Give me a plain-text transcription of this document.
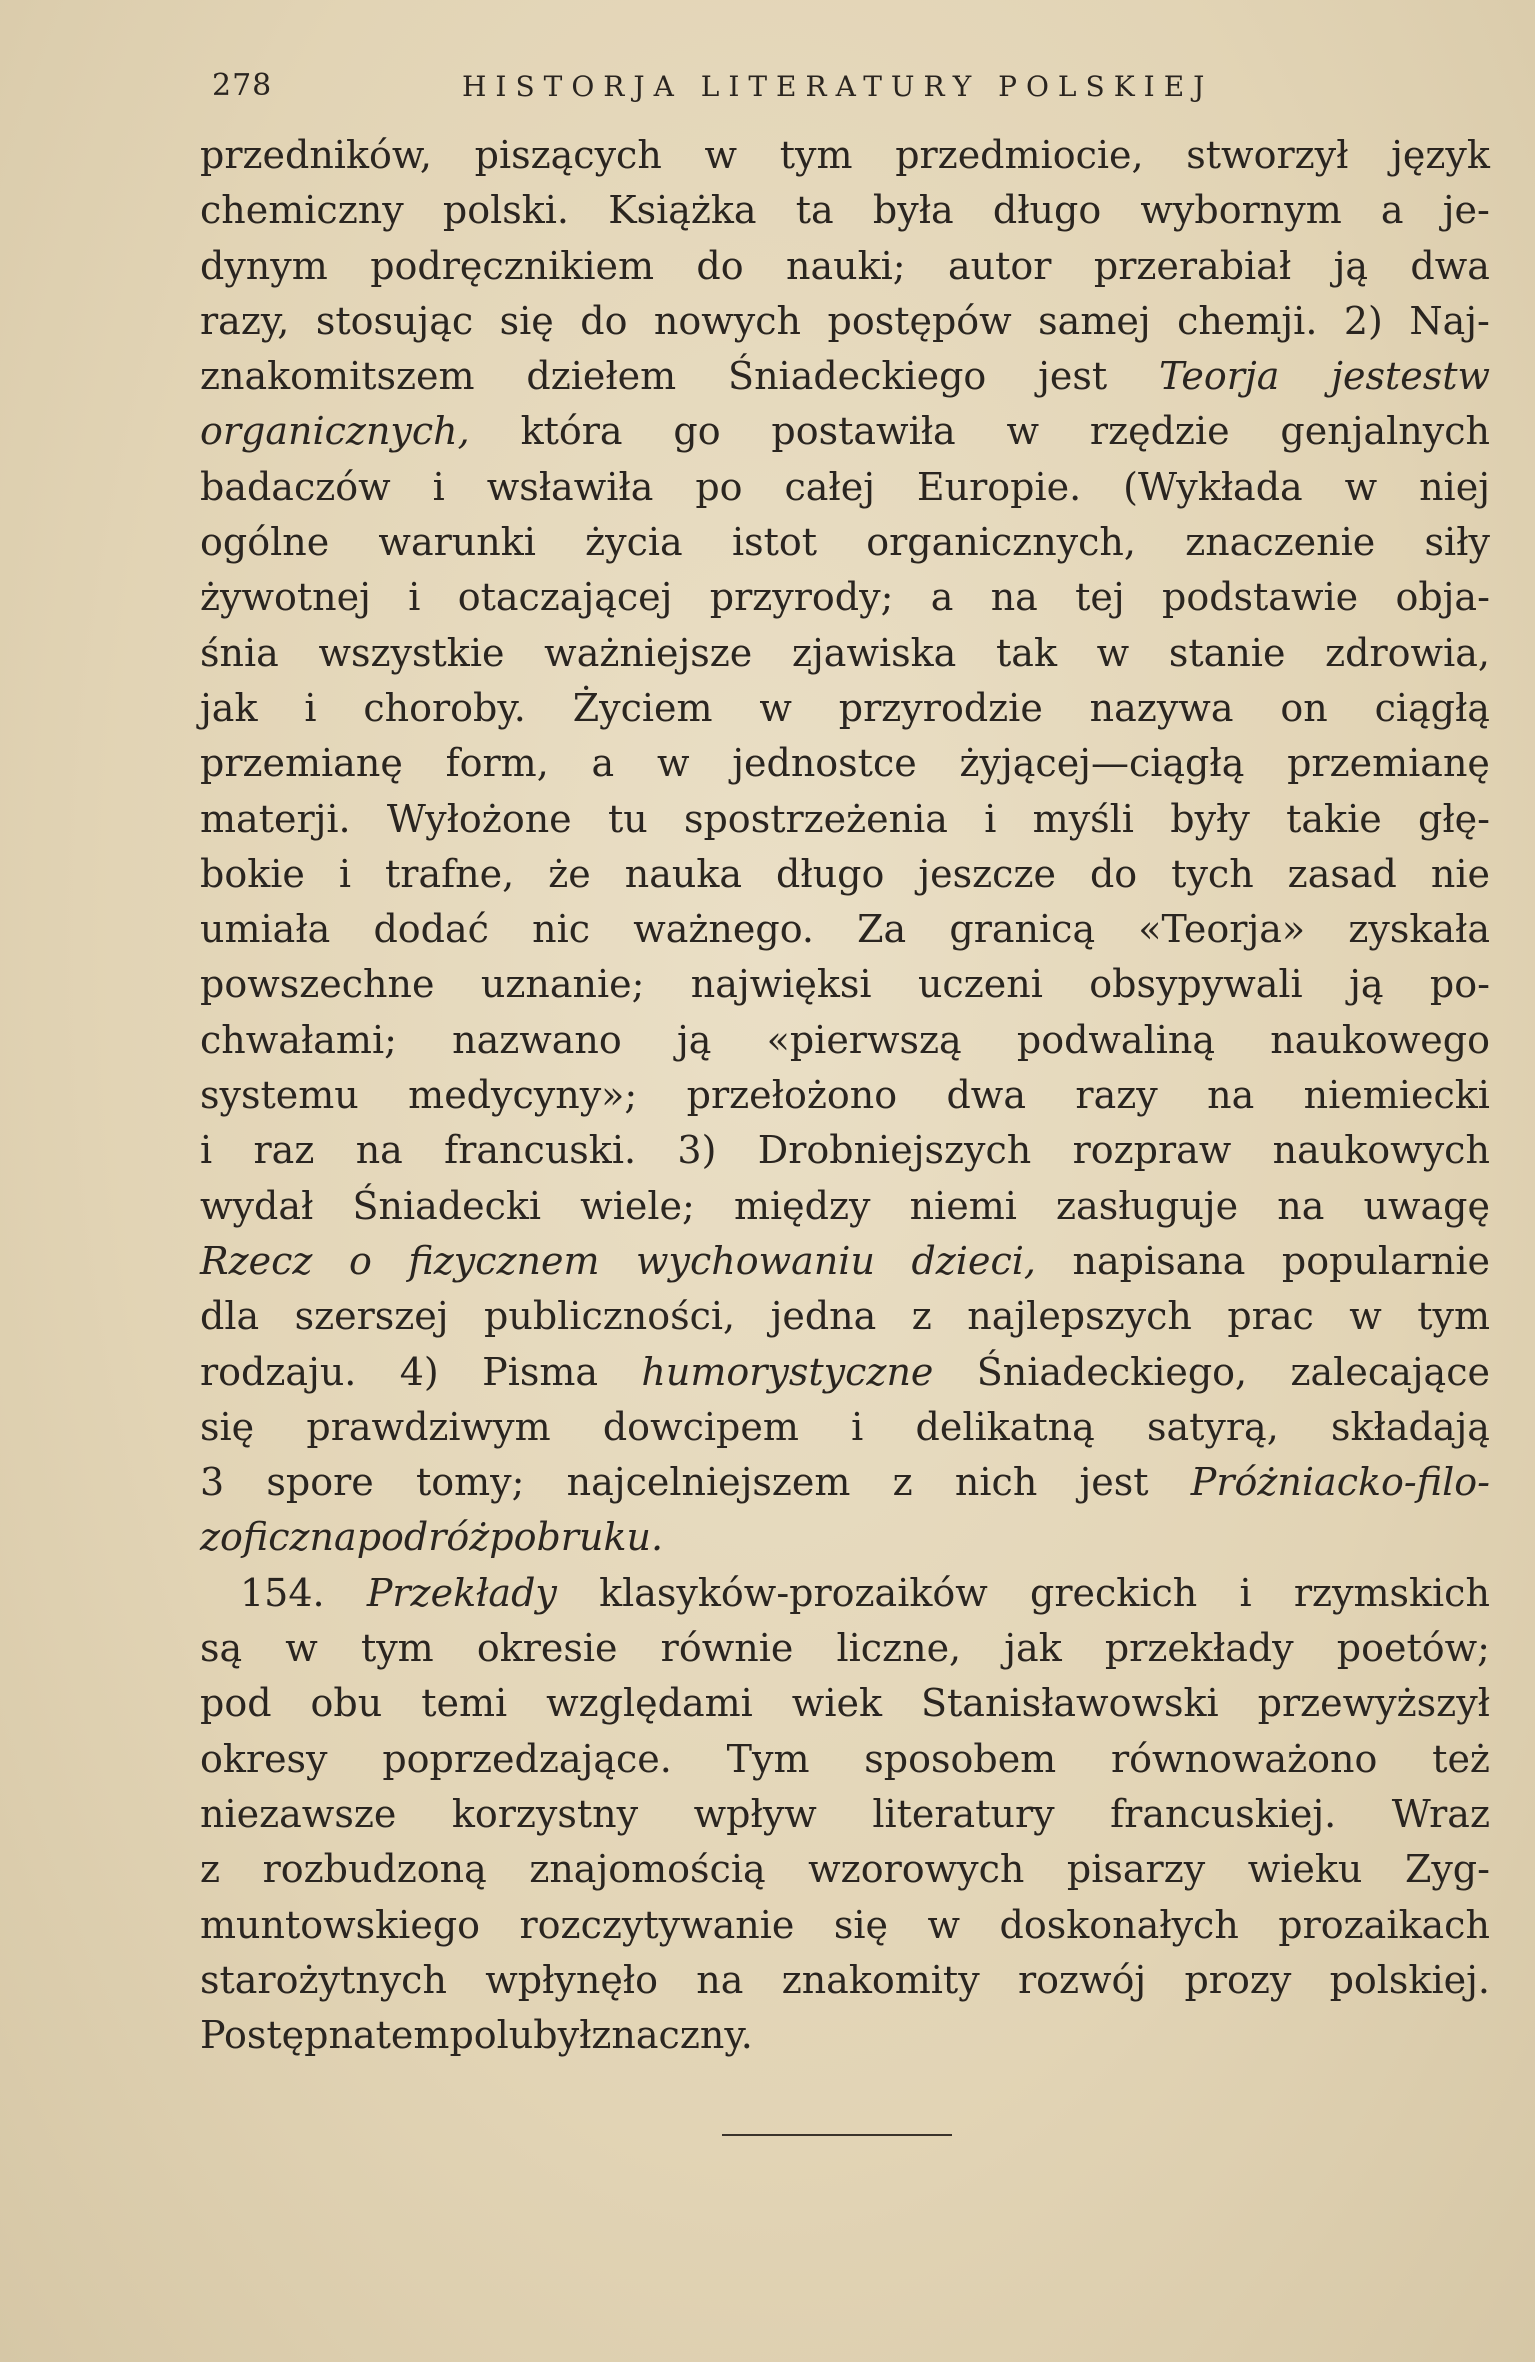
278	HISTORJA LITERATURY POLSKIEJ
przedników, piszących w tym przedmiocie, stworzył język
chemiczny polski. Książka ta była długo wybornym a je-
dynym podręcznikiem do nauki; autor przerabiał ją dwa
razy, stosując się do nowych postępów samej chemji. 2) Naj-
znakomitszem dziełem Śniadeckiego jest Teorja jestestw
organicznych, która go postawiła w rzędzie genjalnych
badaczów i wsławiła po całej Europie. (Wykłada w niej
ogólne warunki życia istot organicznych, znaczenie siły
żywotnej i otaczającej przyrody; a na tej podstawie obja-
śnia wszystkie ważniejsze zjawiska tak w stanie zdrowia,
jak i choroby. Życiem w przyrodzie nazywa on ciągłą
przemianę form, a w jednostce żyjącej—ciągłą przemianę
materji. Wyłożone tu spostrzeżenia i myśli były takie głę-
bokie i trafne, że nauka długo jeszcze do tych zasad nie
umiała dodać nic ważnego. Za granicą «Teorja» zyskała
powszechne uznanie; najwięksi uczeni obsypywali ją po-
chwałami; nazwano ją «pierwszą podwaliną naukowego
systemu medycyny»; przełożono dwa razy na niemiecki
i raz na francuski. 3) Drobniejszych rozpraw naukowych
wydał Śniadecki wiele; między niemi zasługuje na uwagę
Rzecz o fizycznem wychowaniu dzieci, napisana popularnie
dla szerszej publiczności, jedna z najlepszych prac w tym
rodzaju. 4) Pisma humorystyczne Śniadeckiego, zalecające
się prawdziwym dowcipem i delikatną satyrą, składają
3 spore tomy; najcelniejszem z nich jest Próżniacko-filo-
zoficzna podróż po bruku.
154. Przekłady klasyków-prozaików greckich i rzymskich
są w tym okresie równie liczne, jak przekłady poetów;
pod obu temi względami wiek Stanisławowski przewyższył
okresy poprzedzające. Tym sposobem równoważono też
niezawsze korzystny wpływ literatury francuskiej. Wraz
z rozbudzoną znajomością wzorowych pisarzy wieku Zyg-
muntowskiego rozczytywanie się w doskonałych prozaikach
starożytnych wpłynęło na znakomity rozwój prozy polskiej.
Postęp na tem polu był znaczny.
